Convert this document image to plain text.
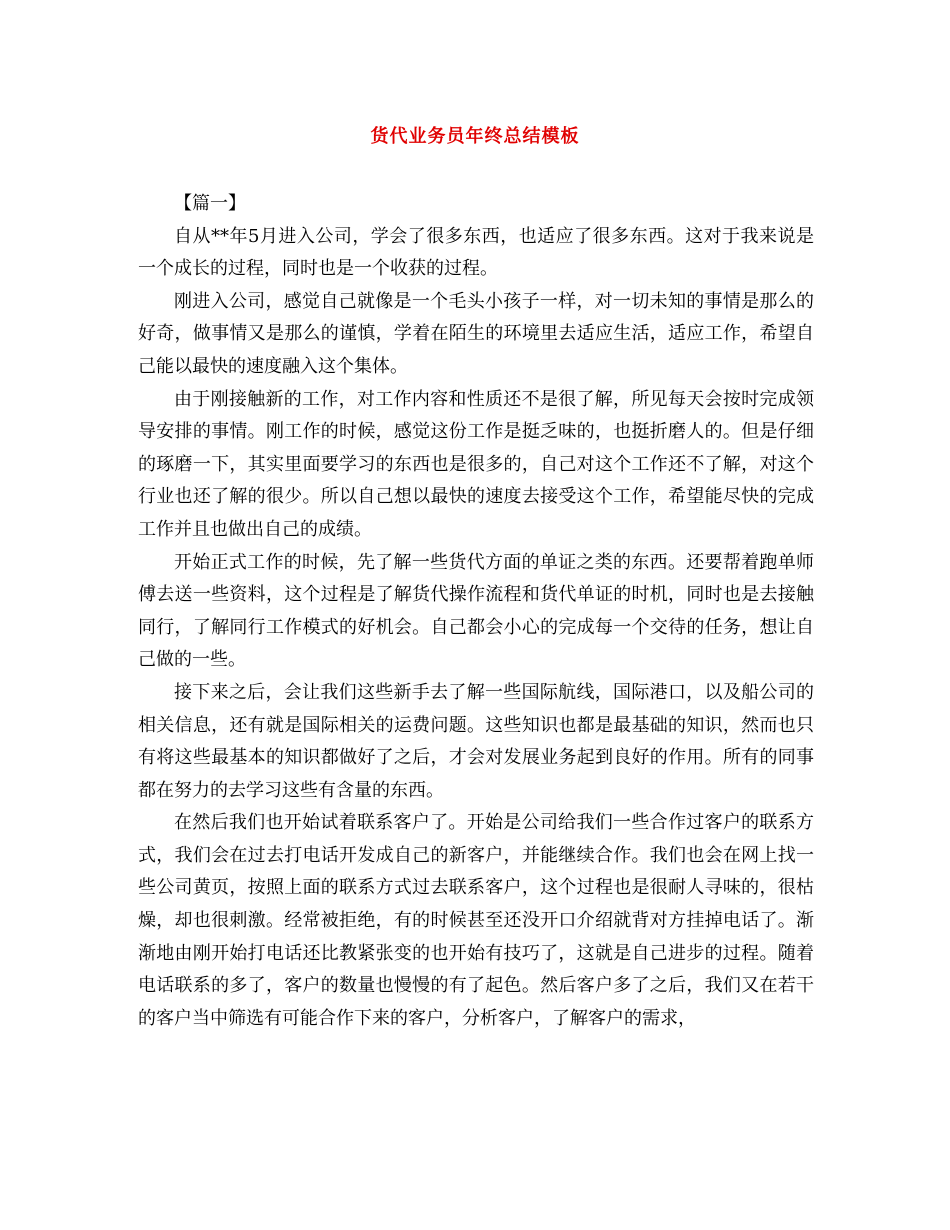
货代业务员年终总结模板

【篇一】

自从**年5月进入公司，学会了很多东西，也适应了很多东西。这对于我来说是一个成长的过程，同时也是一个收获的过程。

刚进入公司，感觉自己就像是一个毛头小孩子一样，对一切未知的事情是那么的好奇，做事情又是那么的谨慎，学着在陌生的环境里去适应生活，适应工作，希望自己能以最快的速度融入这个集体。

由于刚接触新的工作，对工作内容和性质还不是很了解，所见每天会按时完成领导安排的事情。刚工作的时候，感觉这份工作是挺乏味的，也挺折磨人的。但是仔细的琢磨一下，其实里面要学习的东西也是很多的，自己对这个工作还不了解，对这个行业也还了解的很少。所以自己想以最快的速度去接受这个工作，希望能尽快的完成工作并且也做出自己的成绩。

开始正式工作的时候，先了解一些货代方面的单证之类的东西。还要帮着跑单师傅去送一些资料，这个过程是了解货代操作流程和货代单证的时机，同时也是去接触同行，了解同行工作模式的好机会。自己都会小心的完成每一个交待的任务，想让自己做的一些。

接下来之后，会让我们这些新手去了解一些国际航线，国际港口，以及船公司的相关信息，还有就是国际相关的运费问题。这些知识也都是最基础的知识，然而也只有将这些最基本的知识都做好了之后，才会对发展业务起到良好的作用。所有的同事都在努力的去学习这些有含量的东西。

在然后我们也开始试着联系客户了。开始是公司给我们一些合作过客户的联系方式，我们会在过去打电话开发成自己的新客户，并能继续合作。我们也会在网上找一些公司黄页，按照上面的联系方式过去联系客户，这个过程也是很耐人寻味的，很枯燥，却也很刺激。经常被拒绝，有的时候甚至还没开口介绍就背对方挂掉电话了。渐渐地由刚开始打电话还比教紧张变的也开始有技巧了，这就是自己进步的过程。随着电话联系的多了，客户的数量也慢慢的有了起色。然后客户多了之后，我们又在若干的客户当中筛选有可能合作下来的客户，分析客户，了解客户的需求，
